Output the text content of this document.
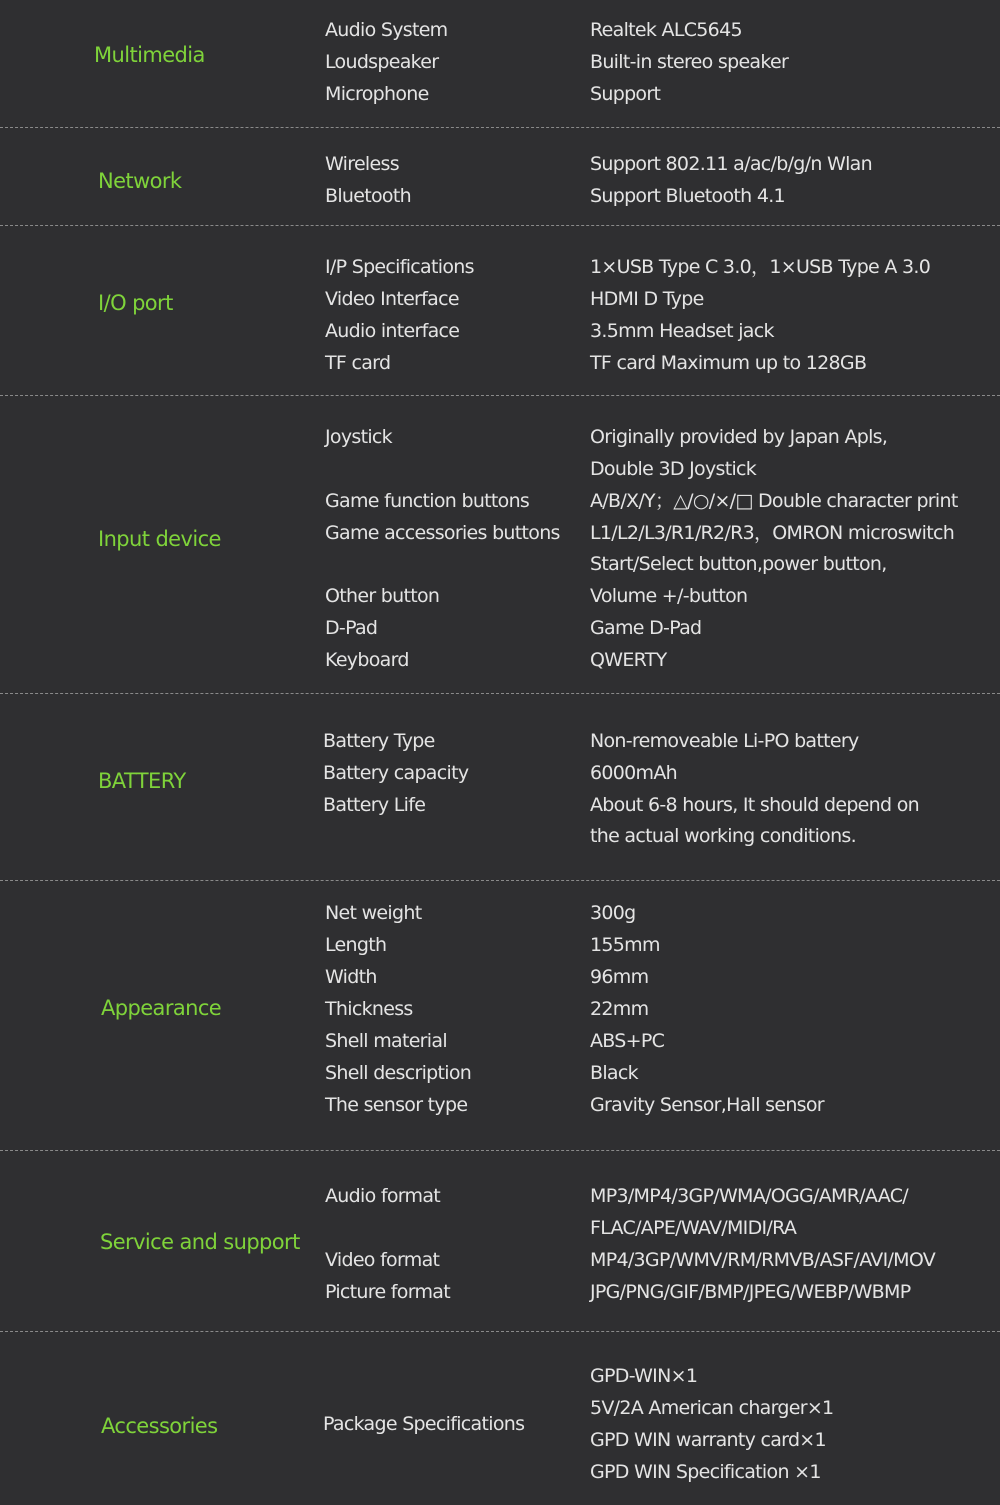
Multimedia
Audio System
Loudspeaker
Microphone
Realtek ALC5645
Built-in stereo speaker
Support
Network
Wireless
Bluetooth
Support 802.11 a/ac/b/g/n Wlan
Support Bluetooth 4.1
I/O port
I/P Specifications
Video Interface
Audio interface
TF card
1×USB Type C 3.0，1×USB Type A 3.0
HDMI D Type
3.5mm Headset jack
TF card Maximum up to 128GB
Input device
Joystick
Game function buttons
Game accessories buttons
Other button
D-Pad
Keyboard
Originally provided by Japan Apls,
Double 3D Joystick
A/B/X/Y；△/○/×/□ Double character print
L1/L2/L3/R1/R2/R3，OMRON microswitch
Start/Select button,power button,
Volume +/-button
Game D-Pad
QWERTY
BATTERY
Battery Type
Battery capacity
Battery Life
Non-removeable Li-PO battery
6000mAh
About 6-8 hours, It should depend on
the actual working conditions.
Appearance
Net weight
Length
Width
Thickness
Shell material
Shell description
The sensor type
300g
155mm
96mm
22mm
ABS+PC
Black
Gravity Sensor,Hall sensor
Service and support
Audio format
Video format
Picture format
MP3/MP4/3GP/WMA/OGG/AMR/AAC/
FLAC/APE/WAV/MIDI/RA
MP4/3GP/WMV/RM/RMVB/ASF/AVI/MOV
JPG/PNG/GIF/BMP/JPEG/WEBP/WBMP
Accessories	Package Specifications
GPD-WIN×1
5V/2A American charger×1
GPD WIN warranty card×1
GPD WIN Specification ×1
